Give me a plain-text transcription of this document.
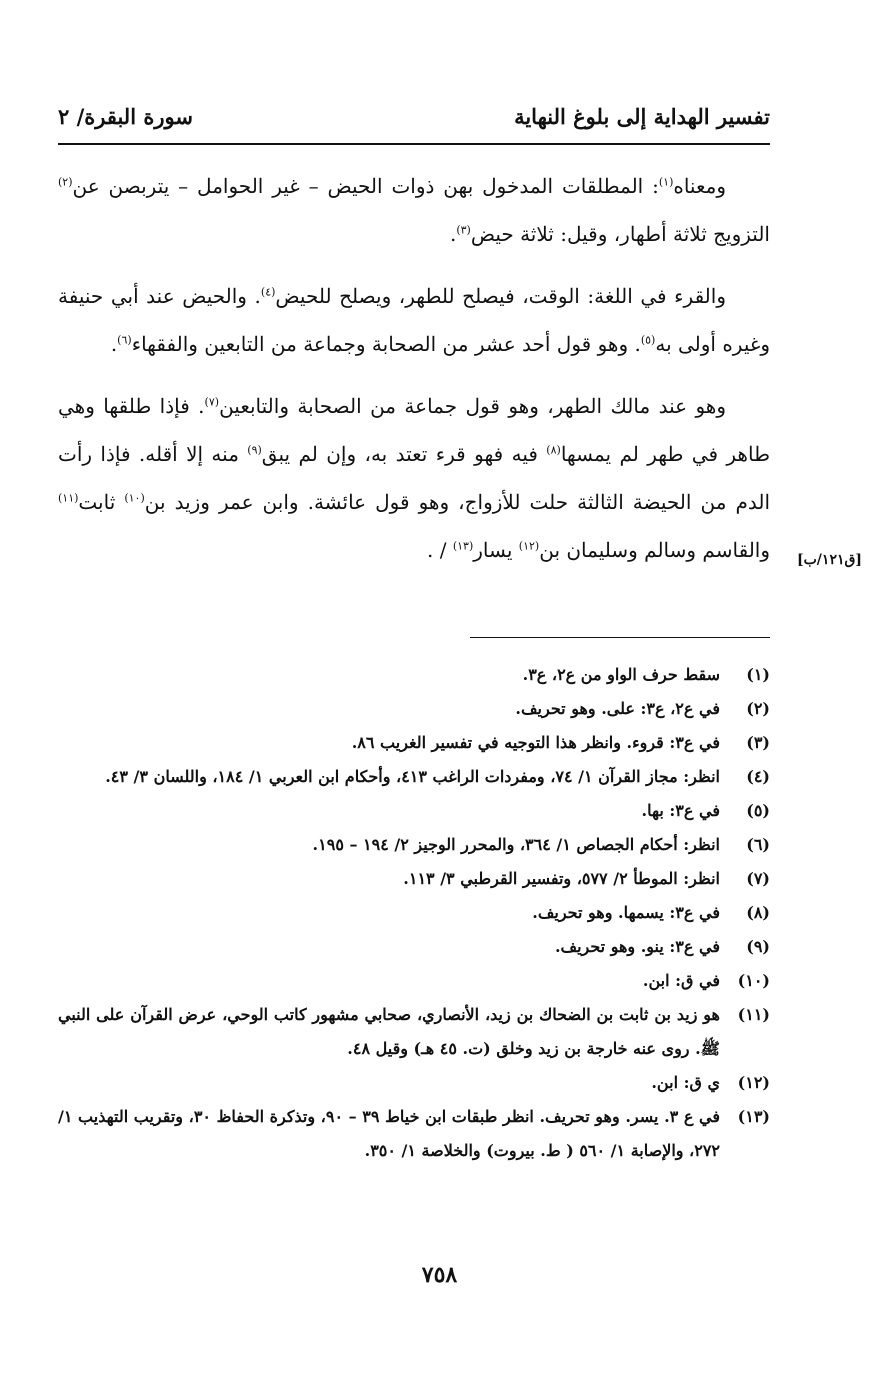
تفسير الهداية إلى بلوغ النهاية
سورة البقرة/ ٢

ومعناه$^{(١)}$: المطلقات المدخول بهن ذوات الحيض – غير الحوامل – يتربصن عن$^{(٢)}$ التزويج ثلاثة أطهار، وقيل: ثلاثة حيض$^{(٣)}$.

والقرء في اللغة: الوقت، فيصلح للطهر، ويصلح للحيض$^{(٤)}$. والحيض عند أبي حنيفة وغيره أولى به$^{(٥)}$. وهو قول أحد عشر من الصحابة وجماعة من التابعين والفقهاء$^{(٦)}$.

وهو عند مالك الطهر، وهو قول جماعة من الصحابة والتابعين$^{(٧)}$. فإذا طلقها وهي طاهر في طهر لم يمسها$^{(٨)}$ فيه فهو قرء تعتد به، وإن لم يبق$^{(٩)}$ منه إلا أقله. فإذا رأت الدم من الحيضة الثالثة حلت للأزواج، وهو قول عائشة. وابن عمر وزيد بن$^{(١٠)}$ ثابت$^{(١١)}$ والقاسم وسالم وسليمان بن$^{(١٢)}$ يسار$^{(١٣)}$ / .	[ق١٢١/ب]
(١)
سقط حرف الواو من ع٢، ع٣.
(٢)
في ع٢، ع٣: على. وهو تحريف.
(٣)
في ع٣: قروء. وانظر هذا التوجيه في تفسير الغريب ٨٦.
(٤)
انظر: مجاز القرآن ١/ ٧٤، ومفردات الراغب ٤١٣، وأحكام ابن العربي ١/ ١٨٤، واللسان ٣/ ٤٣.
(٥)
في ع٣: بها.
(٦)
انظر: أحكام الجصاص ١/ ٣٦٤، والمحرر الوجيز ٢/ ١٩٤ – ١٩٥.
(٧)
انظر: الموطأ ٢/ ٥٧٧، وتفسير القرطبي ٣/ ١١٣.
(٨)
في ع٣: يسمها. وهو تحريف.
(٩)
في ع٣: ينو. وهو تحريف.
(١٠)
في ق: ابن.
(١١)
هو زيد بن ثابت بن الضحاك بن زيد، الأنصاري، صحابي مشهور كاتب الوحي، عرض القرآن على النبي ﷺ. روى عنه خارجة بن زيد وخلق (ت. ٤٥ هـ) وقيل ٤٨.
(١٢)
ي ق: ابن.
(١٣)
في ع ٣. يسر. وهو تحريف. انظر طبقات ابن خياط ٣٩ – ٩٠، وتذكرة الحفاظ ٣٠، وتقريب التهذيب ١/ ٢٧٢، والإصابة ١/ ٥٦٠ ( ط. بيروت) والخلاصة ١/ ٣٥٠.
٧٥٨
